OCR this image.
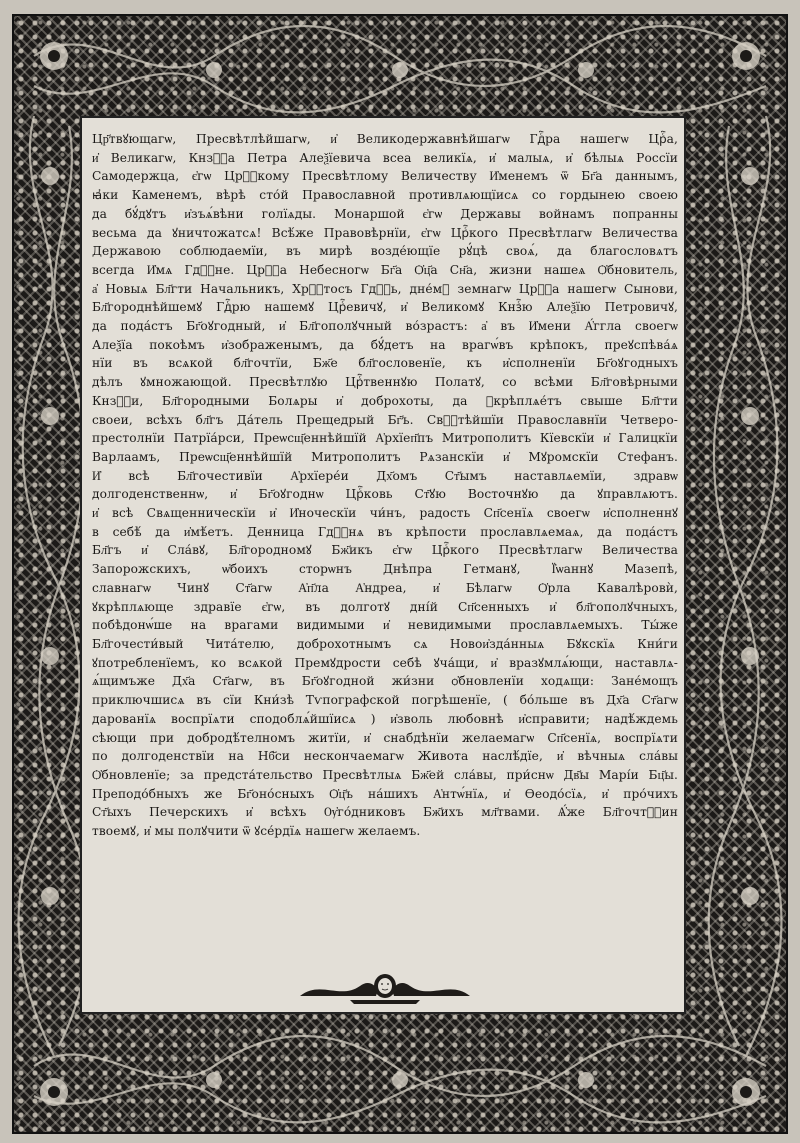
Цр҃твꙋющагѡ, Пресвѣтлѣйшагѡ, и҆ Великодержавнѣйшагѡ Гдⷭ҇ра нашегѡ Црⷭ҇а,
и҆ Великагѡ, Кнзⷭ҇а Петра Алеѯїевича всеа великїѧ, и҆ малыѧ, и҆ бѣлыѧ Россїи
Самодержца, є҆гѡ Црⷭ҇кому Пресвѣтлому Величеству И҆менемъ ѿ Бг҃а даннымъ,
ꙗ҆ки Каменемъ, вѣрѣ сто́й Православной противлѧющїисѧ со гордынею своею
да бꙋ́дꙋтъ и҆зъѧ́вѣни голїѧды. Монаршой є҆гѡ Державы войнамъ попранны
весьма да ꙋничтожатсѧ! Всѣ́же Правовѣрнїи, є҆гѡ Црⷭ҇кого Пресвѣтлагѡ Величества
Державою соблюдаемїи, въ мирѣ возде́ющїе рꙋ́цѣ своѧ́, да благословѧтъ
всегда И҆мѧ Гдⷭ҇не. Црⷭ҇а Небесногѡ Бг҃а Ѻ҆ц҃а Сн҃а, жизни нашеѧ Ѻ҆бновитель,
а҆ Новыѧ Бл҃гти Начальникъ, Хрⷭ҇тосъ Гдⷭ҇ь, дне́мꙋ земнагѡ Црⷭ҇а нашегѡ Сынови,
Бл҃городнѣйшемꙋ Гдⷭ҇рю нашемꙋ Црⷭ҇евичꙋ, и҆ Великомꙋ Кнзⷭ҇ю Алеѯїю Петровичꙋ,
да пода́стъ Бг҃оꙋгодный, и҆ Бл҃гополꙋчный во́зрастъ: а҆ въ И҆мени А҆́ггла своегѡ
Алеѯїа покоѣмъ и҆зображенымъ, да бꙋ́детъ на врагѡ́въ крѣпокъ, преꙋспѣва́ѧ
нїи въ всѧкой бл҃гочтїи, Бж҃е бл҃гословенїе, къ и҆сполненїи Бг҃оꙋгодныхъ
дѣлъ ꙋмножающой. Пресвѣтлꙋю Црⷭ҇твеннꙋю Полатꙋ, со всѣми Бл҃говѣрными
Кнзⷭ҇и, Бл҃городными Болѧры и҆ доброхоты, да ꙋкрѣплѧе́тъ свыше Бл҃гти
своеи, всѣхъ бл҃гъ Да́тель Прещедрый Бг҃ъ. Свⷭ҇тѣйшїи Православнїи Четверо-
престолнїи Патрїа́рси, Преѡсщ҃еннѣйшїй А҆рхїеп҃пъ Митрополитъ Кїевскїи и҆ Галицкїи
Варлаамъ, Преѡсщ҃еннѣйшїй Митрополитъ Рѧзанскїи и҆ Мꙋромскїи Стефанъ.
И҆ всѣ Бл҃гочестивїи А҆рхїере́и Дх҃омъ Ст҃ымъ наставлѧемїи, здравѡ
долгоденственнѡ, и҆ Бг҃оꙋгоднѡ Црⷭ҇ковь Ст҃ꙋю Восточнꙋю да ꙋправлѧютъ.
и҆ всѣ Свѧщенническїи и҆ И҆ноческїи чи́нъ, радость Сп҃сенїѧ своегѡ и҆сполненнꙋ
в себѣ́ да и҆мѣ́етъ. Денница Гдⷭ҇нѧ въ крѣпости прославлѧемаѧ, да пода́стъ
Бл҃гъ и҆ Сла́вꙋ, Бл҃городномꙋ Бж҃икъ є҆гѡ Црⷭ҇кого Пресвѣтлагѡ Величества
Запорожскихъ, ѡ҆боихъ сторѡнъ Днѣпра Гетманꙋ, Ї҆ѡаннꙋ Мазепѣ,
славнагѡ Чинꙋ Ст҃агѡ А҆п҃ла А҆ндреа, и҆ Бѣлагѡ Ѻ҆рла Кавалѣровѝ,
ꙋкрѣплѧюще здравїе є҆гѡ, въ долготꙋ дні́й Сп҃сенныхъ и҆ бл҃гополꙋчныхъ,
побѣдонѡ́ше на врагами видимыми и҆ невидимыми прославлѧемыхъ. Ты́же
Бл҃гочести́вый Чита́телю, доброхотнымъ сѧ Новои҆зда́нныѧ Бꙋкскїѧ Кни́ги
ꙋпотребленїемъ, ко всѧкой Премꙋдрости себѣ ꙋча́щи, и҆ вразꙋмлѧ́ющи, наставлѧ-
ѧ́щимъже Дх҃а Ст҃агѡ, въ Бг҃оꙋгодной жи́зни ѻ҆бновленїи ходѧщи: Зане́мощъ
приключшисѧ въ сїи Кни́зѣ Тѵпографской погрѣшенїе, ( бо́льше въ Дх҃а Ст҃агѡ
дарованїѧ воспрїѧти сподоблѧ́йшїисѧ ) и҆зволь любовнѣ и҆справити; надѣ́ждемь
сѣющи при добродѣ́телномъ житїи, и҆ снабдѣнїи желаемагѡ Сп҃сенїѧ, воспрїѧти
по долгоденствїи на Нб҃си нескончаемагѡ Живота наслѣ́дїе, и҆ вѣчныѧ сла́вы
Ѻ҆бновленїе; за предста́тельство Пресвѣтлыѧ Бж҃ей сла́вы, при́снѡ Дв҃ы Марі́и Бц҃ы.
Преподо́бныхъ же Бг҃оно́сныхъ Ѻ҆ц҃ъ на́шихъ А҆нтѡ́нїѧ, и҆ Ѳеодо́сїѧ, и҆ про́чихъ
Ст҃ыхъ Печерскихъ и҆ всѣхъ Ѹ҆го́дниковъ Бж҃ихъ мл҃твами. Ѧ҆́же Бл҃гочтⷭ҇ин
твоемꙋ, и҆ мы полꙋчити ѿ ꙋсе́рдїѧ нашегѡ желаемъ.
